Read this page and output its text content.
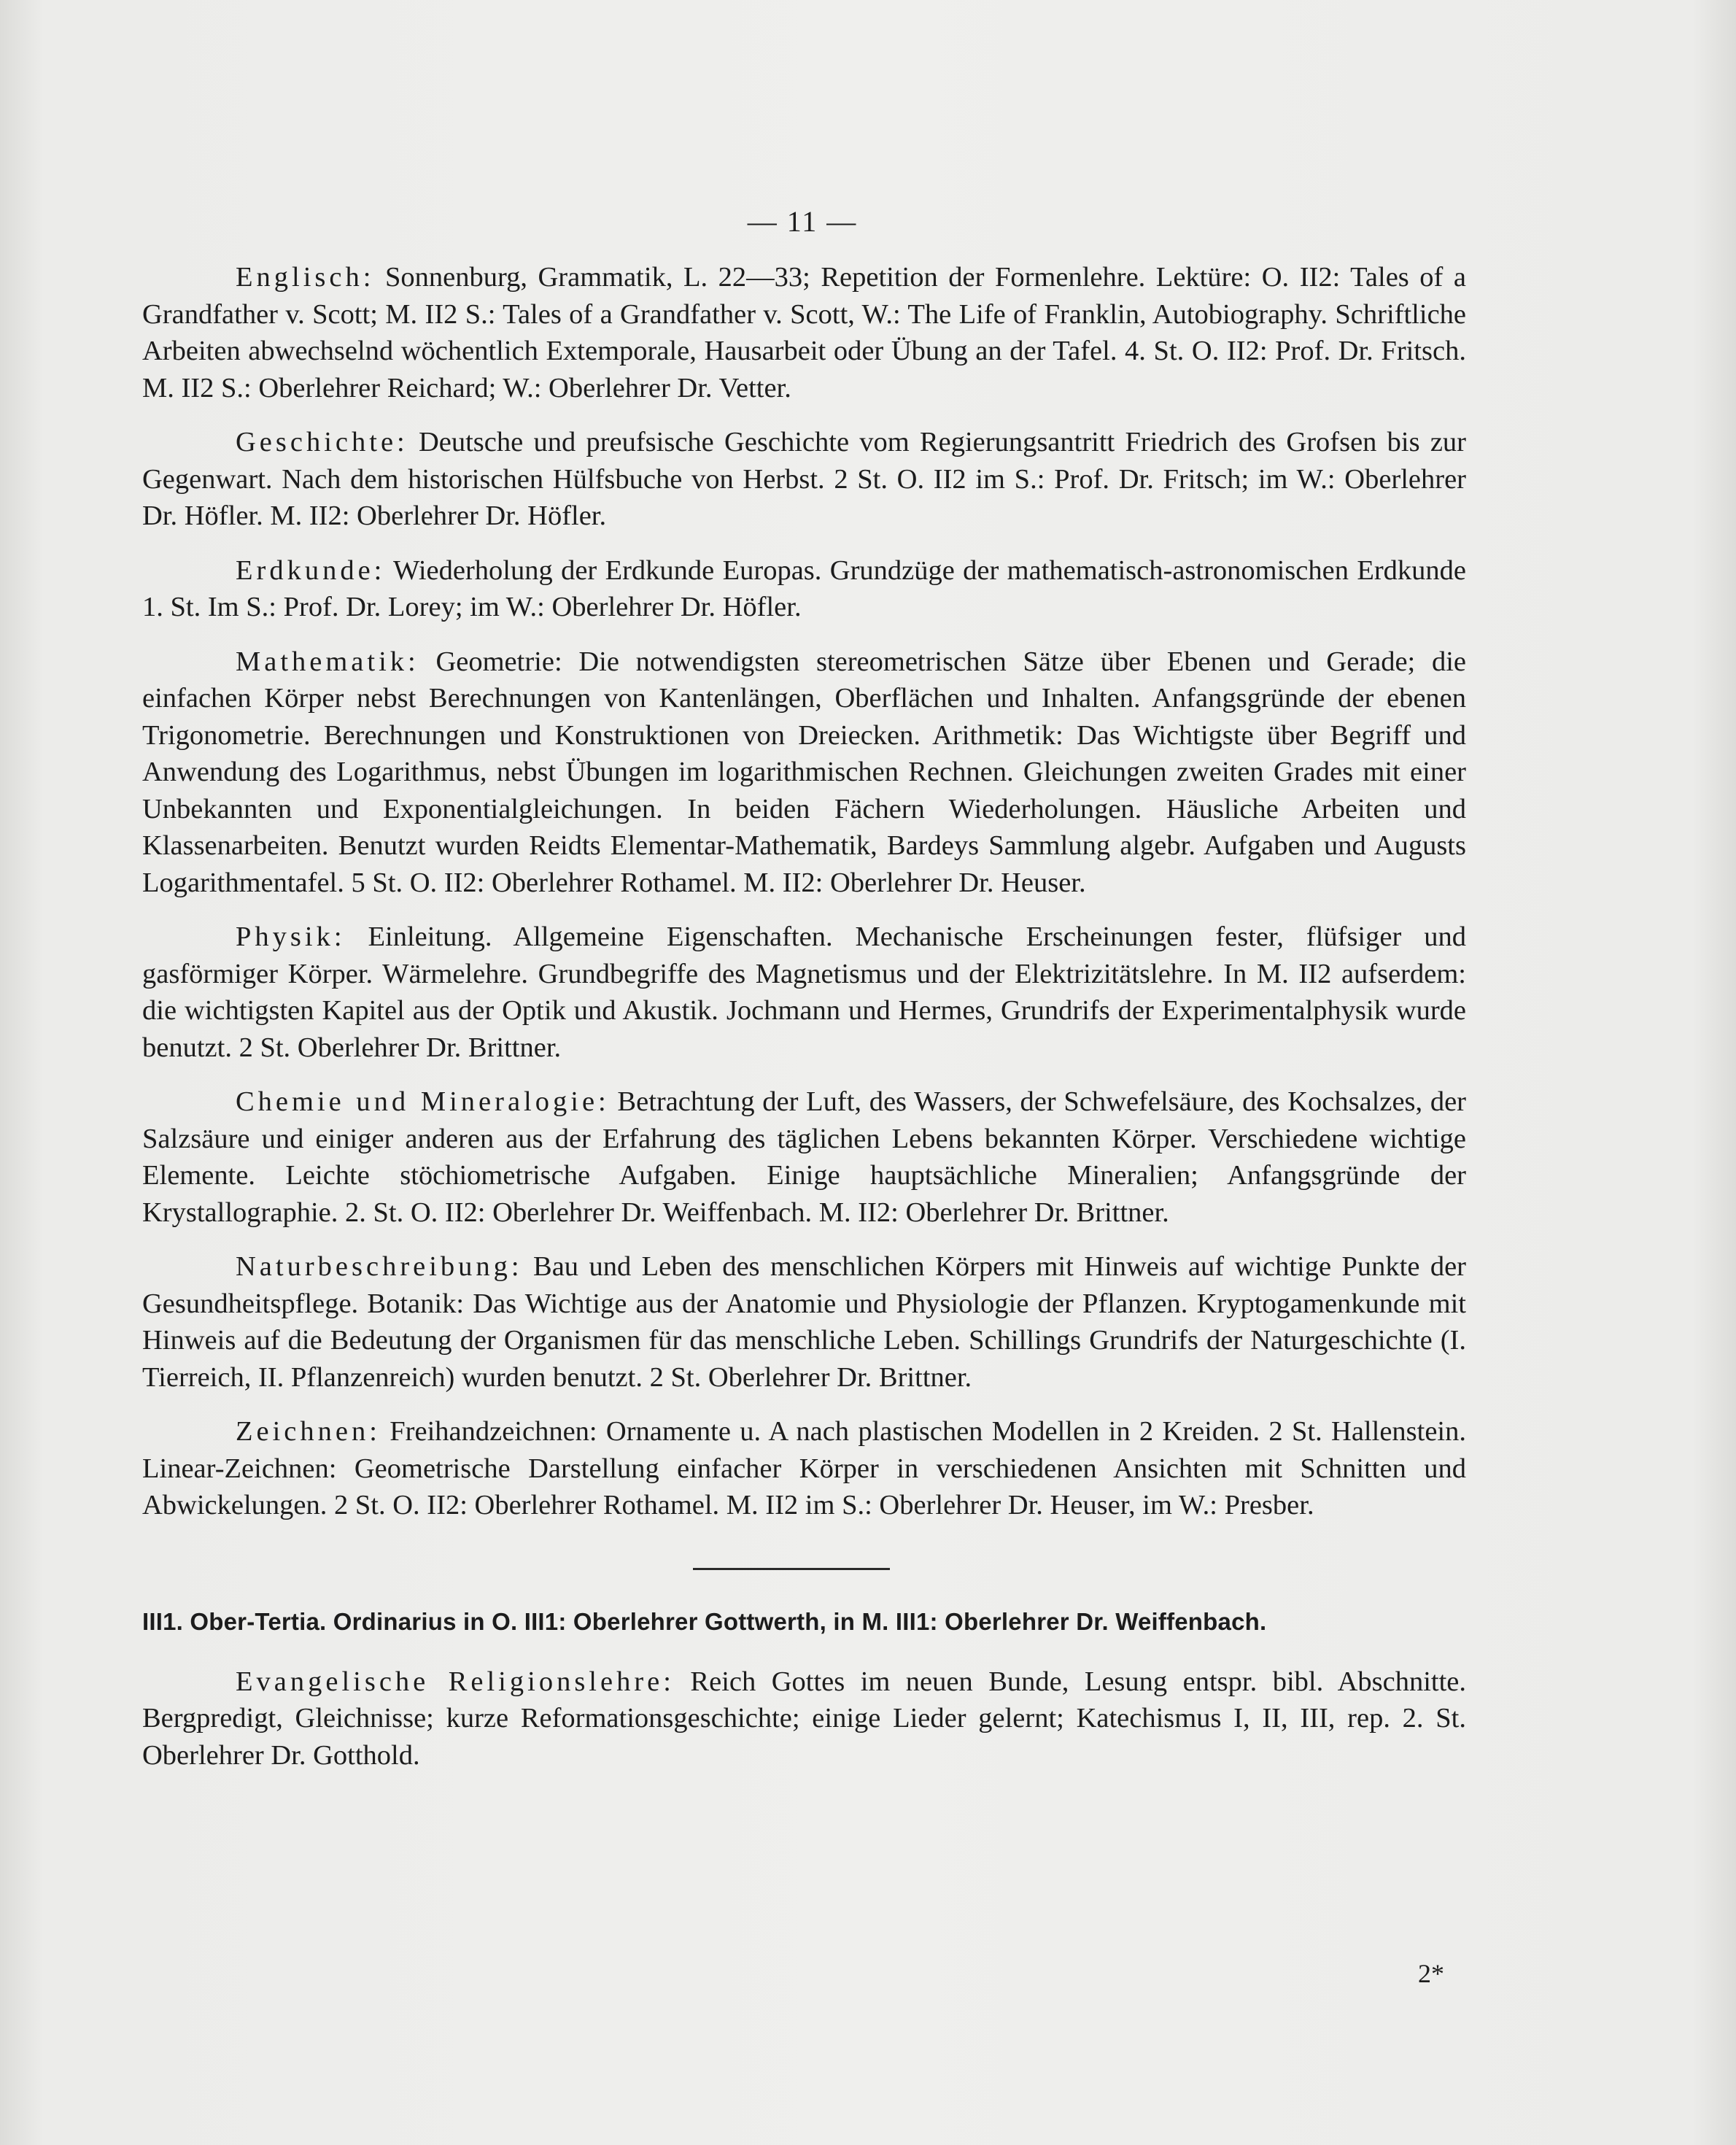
— 11 —

Englisch: Sonnenburg, Grammatik, L. 22—33; Repetition der Formenlehre. Lektüre: O. II2: Tales of a Grandfather v. Scott; M. II2 S.: Tales of a Grandfather v. Scott, W.: The Life of Franklin, Autobiography. Schriftliche Arbeiten abwechselnd wöchentlich Extemporale, Hausarbeit oder Übung an der Tafel. 4. St. O. II2: Prof. Dr. Fritsch. M. II2 S.: Oberlehrer Reichard; W.: Oberlehrer Dr. Vetter.

Geschichte: Deutsche und preufsische Geschichte vom Regierungsantritt Friedrich des Grofsen bis zur Gegenwart. Nach dem historischen Hülfsbuche von Herbst. 2 St. O. II2 im S.: Prof. Dr. Fritsch; im W.: Oberlehrer Dr. Höfler. M. II2: Oberlehrer Dr. Höfler.

Erdkunde: Wiederholung der Erdkunde Europas. Grundzüge der mathematisch-astronomischen Erdkunde 1. St. Im S.: Prof. Dr. Lorey; im W.: Oberlehrer Dr. Höfler.

Mathematik: Geometrie: Die notwendigsten stereometrischen Sätze über Ebenen und Gerade; die einfachen Körper nebst Berechnungen von Kantenlängen, Oberflächen und Inhalten. Anfangsgründe der ebenen Trigonometrie. Berechnungen und Konstruktionen von Dreiecken. Arithmetik: Das Wichtigste über Begriff und Anwendung des Logarithmus, nebst Übungen im logarithmischen Rechnen. Gleichungen zweiten Grades mit einer Unbekannten und Exponentialgleichungen. In beiden Fächern Wiederholungen. Häusliche Arbeiten und Klassenarbeiten. Benutzt wurden Reidts Elementar-Mathematik, Bardeys Sammlung algebr. Aufgaben und Augusts Logarithmentafel. 5 St. O. II2: Oberlehrer Rothamel. M. II2: Oberlehrer Dr. Heuser.

Physik: Einleitung. Allgemeine Eigenschaften. Mechanische Erscheinungen fester, flüfsiger und gasförmiger Körper. Wärmelehre. Grundbegriffe des Magnetismus und der Elektrizitätslehre. In M. II2 aufserdem: die wichtigsten Kapitel aus der Optik und Akustik. Jochmann und Hermes, Grundrifs der Experimentalphysik wurde benutzt. 2 St. Oberlehrer Dr. Brittner.

Chemie und Mineralogie: Betrachtung der Luft, des Wassers, der Schwefelsäure, des Kochsalzes, der Salzsäure und einiger anderen aus der Erfahrung des täglichen Lebens bekannten Körper. Verschiedene wichtige Elemente. Leichte stöchiometrische Aufgaben. Einige hauptsächliche Mineralien; Anfangsgründe der Krystallographie. 2. St. O. II2: Oberlehrer Dr. Weiffenbach. M. II2: Oberlehrer Dr. Brittner.

Naturbeschreibung: Bau und Leben des menschlichen Körpers mit Hinweis auf wichtige Punkte der Gesundheitspflege. Botanik: Das Wichtige aus der Anatomie und Physiologie der Pflanzen. Kryptogamenkunde mit Hinweis auf die Bedeutung der Organismen für das menschliche Leben. Schillings Grundrifs der Naturgeschichte (I. Tierreich, II. Pflanzenreich) wurden benutzt. 2 St. Oberlehrer Dr. Brittner.

Zeichnen: Freihandzeichnen: Ornamente u. A nach plastischen Modellen in 2 Kreiden. 2 St. Hallenstein. Linear-Zeichnen: Geometrische Darstellung einfacher Körper in verschiedenen Ansichten mit Schnitten und Abwickelungen. 2 St. O. II2: Oberlehrer Rothamel. M. II2 im S.: Oberlehrer Dr. Heuser, im W.: Presber.

III1. Ober-Tertia. Ordinarius in O. III1: Oberlehrer Gottwerth, in M. III1: Oberlehrer Dr. Weiffenbach.

Evangelische Religionslehre: Reich Gottes im neuen Bunde, Lesung entspr. bibl. Abschnitte. Bergpredigt, Gleichnisse; kurze Reformationsgeschichte; einige Lieder gelernt; Katechismus I, II, III, rep. 2. St. Oberlehrer Dr. Gotthold.

2*
